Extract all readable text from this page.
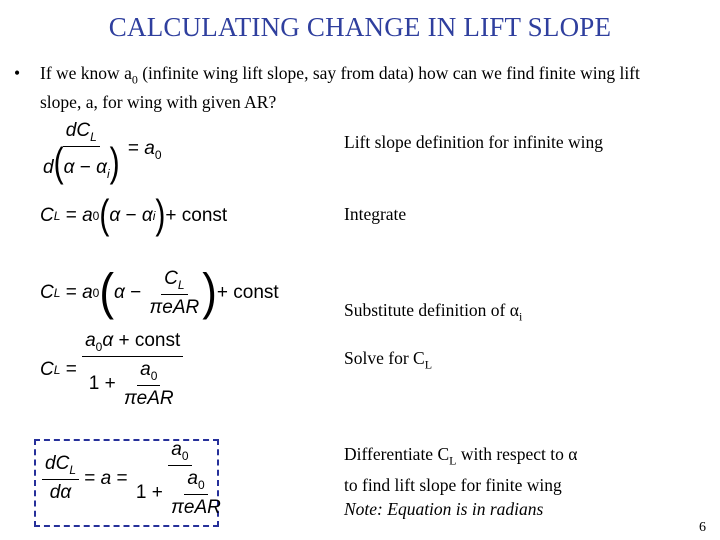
CALCULATING CHANGE IN LIFT SLOPE
• If we know $a_0$ (infinite wing lift slope, say from data) how can we find finite wing lift slope, a, for wing with given AR?
$\frac{dC_L}{d(\alpha - \alpha_i)} = a_0$
Lift slope definition for infinite wing
C L = a 0 ( α
−
α i ) + const	Integrate
C L = a 0 ( α
−
$\frac{C_L}{\text{πeAR}}$ ) + const
Substitute definition of $\alpha_i$
C $L = a_0\alpha$ + const
1
+
$\frac{a_0}{\text{πeAR}}$	Solve for $C_L$
$\frac{dC_L}{d\alpha} = a = a_0$
1
+
$\frac{a_0}{\text{πeAR}}$	Differentiate $C_L$ with respect to α
to find lift slope for finite wing
Note: Equation is in radians
6
